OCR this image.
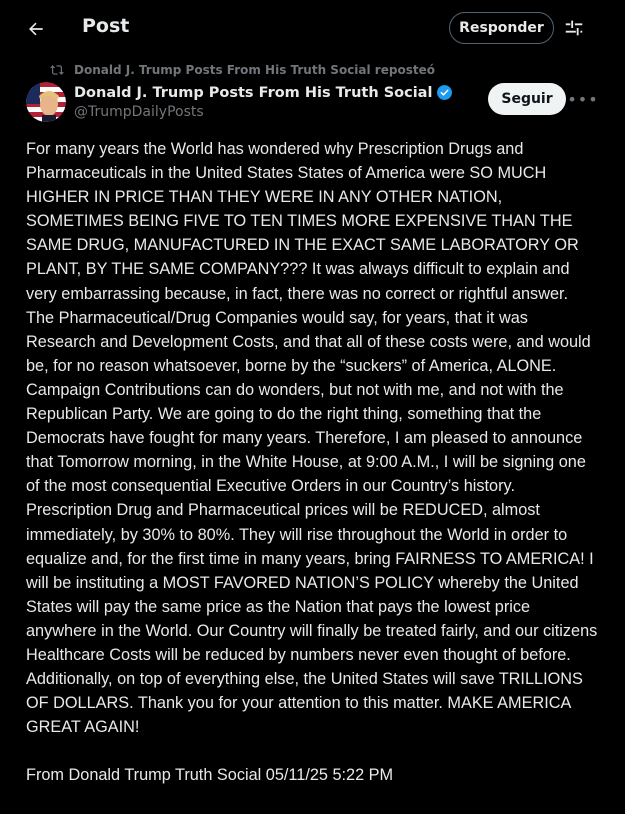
Post	Responder
Donald J. Trump Posts From His Truth Social reposteó
Donald J. Trump Posts From His Truth Social
@TrumpDailyPosts
Seguir •••

For many years the World has wondered why Prescription Drugs and Pharmaceuticals in the United States States of America were SO MUCH HIGHER IN PRICE THAN THEY WERE IN ANY OTHER NATION, SOMETIMES BEING FIVE TO TEN TIMES MORE EXPENSIVE THAN THE SAME DRUG, MANUFACTURED IN THE EXACT SAME LABORATORY OR PLANT, BY THE SAME COMPANY??? It was always difficult to explain and very embarrassing because, in fact, there was no correct or rightful answer. The Pharmaceutical/Drug Companies would say, for years, that it was Research and Development Costs, and that all of these costs were, and would be, for no reason whatsoever, borne by the “suckers” of America, ALONE. Campaign Contributions can do wonders, but not with me, and not with the Republican Party. We are going to do the right thing, something that the Democrats have fought for many years. Therefore, I am pleased to announce that Tomorrow morning, in the White House, at 9:00 A.M., I will be signing one of the most consequential Executive Orders in our Country’s history. Prescription Drug and Pharmaceutical prices will be REDUCED, almost immediately, by 30% to 80%. They will rise throughout the World in order to equalize and, for the first time in many years, bring FAIRNESS TO AMERICA! I will be instituting a MOST FAVORED NATION’S POLICY whereby the United States will pay the same price as the Nation that pays the lowest price anywhere in the World. Our Country will finally be treated fairly, and our citizens Healthcare Costs will be reduced by numbers never even thought of before. Additionally, on top of everything else, the United States will save TRILLIONS OF DOLLARS. Thank you for your attention to this matter. MAKE AMERICA GREAT AGAIN!

From Donald Trump Truth Social 05/11/25 5:22 PM
